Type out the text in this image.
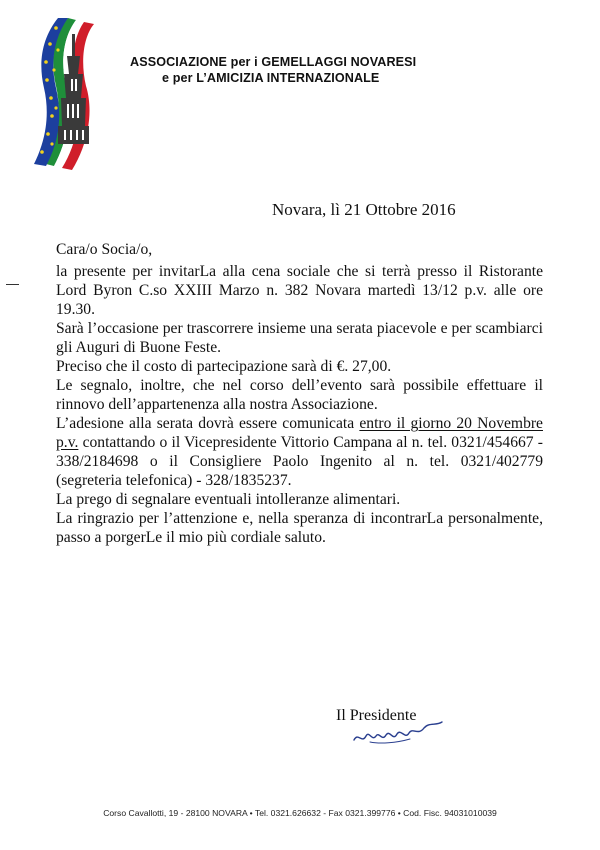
ASSOCIAZIONE per i GEMELLAGGI NOVARESI
e per L’AMICIZIA INTERNAZIONALE
Novara, lì 21 Ottobre 2016

Cara/o Socia/o,

la presente per invitarLa alla cena sociale che si terrà presso il Ristorante Lord Byron C.so XXIII Marzo n. 382 Novara martedì 13/12 p.v. alle ore 19.30.

Sarà l’occasione per trascorrere insieme una serata piacevole e per scambiarci gli Auguri di Buone Feste.

Preciso che il costo di partecipazione sarà di €. 27,00.

Le segnalo, inoltre, che nel corso dell’evento sarà possibile effettuare il rinnovo dell’appartenenza alla nostra Associazione.

L’adesione alla serata dovrà essere comunicata entro il giorno 20 Novembre p.v. contattando o il Vicepresidente Vittorio Campana al n. tel. 0321/454667 - 338/2184698 o il Consigliere Paolo Ingenito al n. tel. 0321/402779 (segreteria telefonica) - 328/1835237.

La prego di segnalare eventuali intolleranze alimentari.

La ringrazio per l’attenzione e, nella speranza di incontrarLa personalmente, passo a porgerLe il mio più cordiale saluto.

Il Presidente
Corso Cavallotti, 19 - 28100 NOVARA • Tel. 0321.626632 - Fax 0321.399776 • Cod. Fisc. 94031010039
